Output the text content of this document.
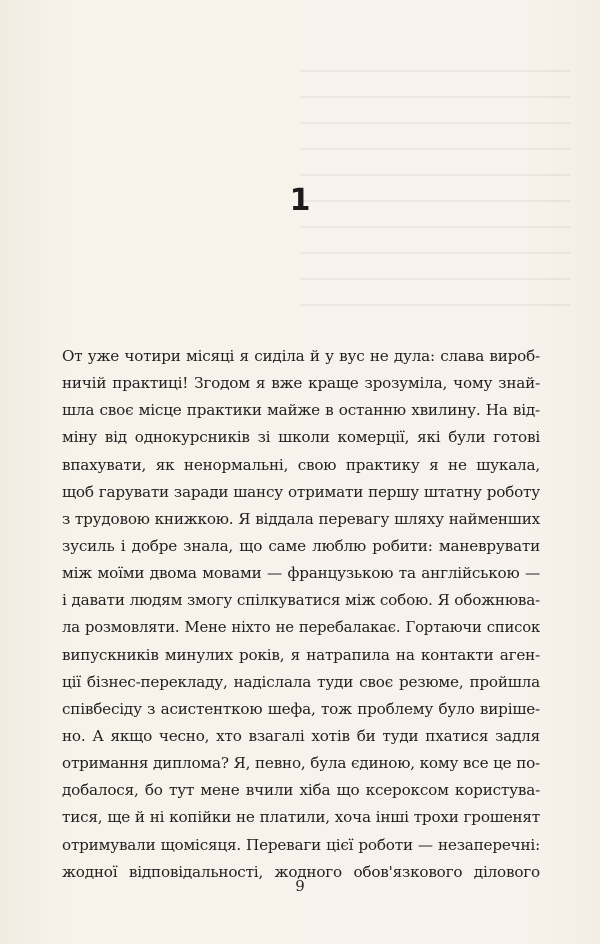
1
От уже чотири місяці я сиділа й у вус не дула: слава вироб-
ничій практиці! Згодом я вже краще зрозуміла, чому знай-
шла своє місце практики майже в останню хвилину. На від-
міну від однокурсників зі школи комерції, які були готові
впахувати, як ненормальні, свою практику я не шукала,
щоб гарувати заради шансу отримати першу штатну роботу
з трудовою книжкою. Я віддала перевагу шляху найменших
зусиль і добре знала, що саме люблю робити: маневрувати
між моїми двома мовами — французькою та англійською —
і давати людям змогу спілкуватися між собою. Я обожнюва-
ла розмовляти. Мене ніхто не перебалакає. Гортаючи список
випускників минулих років, я натрапила на контакти аген-
ції бізнес-перекладу, надіслала туди своє резюме, пройшла
співбесіду з асистенткою шефа, тож проблему було виріше-
но. А якщо чесно, хто взагалі хотів би туди пхатися задля
отримання диплома? Я, певно, була єдиною, кому все це по-
добалося, бо тут мене вчили хіба що ксероксом користува-
тися, ще й ні копійки не платили, хоча інші трохи грошенят
отримували щомісяця. Переваги цієї роботи — незаперечні:
жодної відповідальності, жодного обов'язкового ділового
9
